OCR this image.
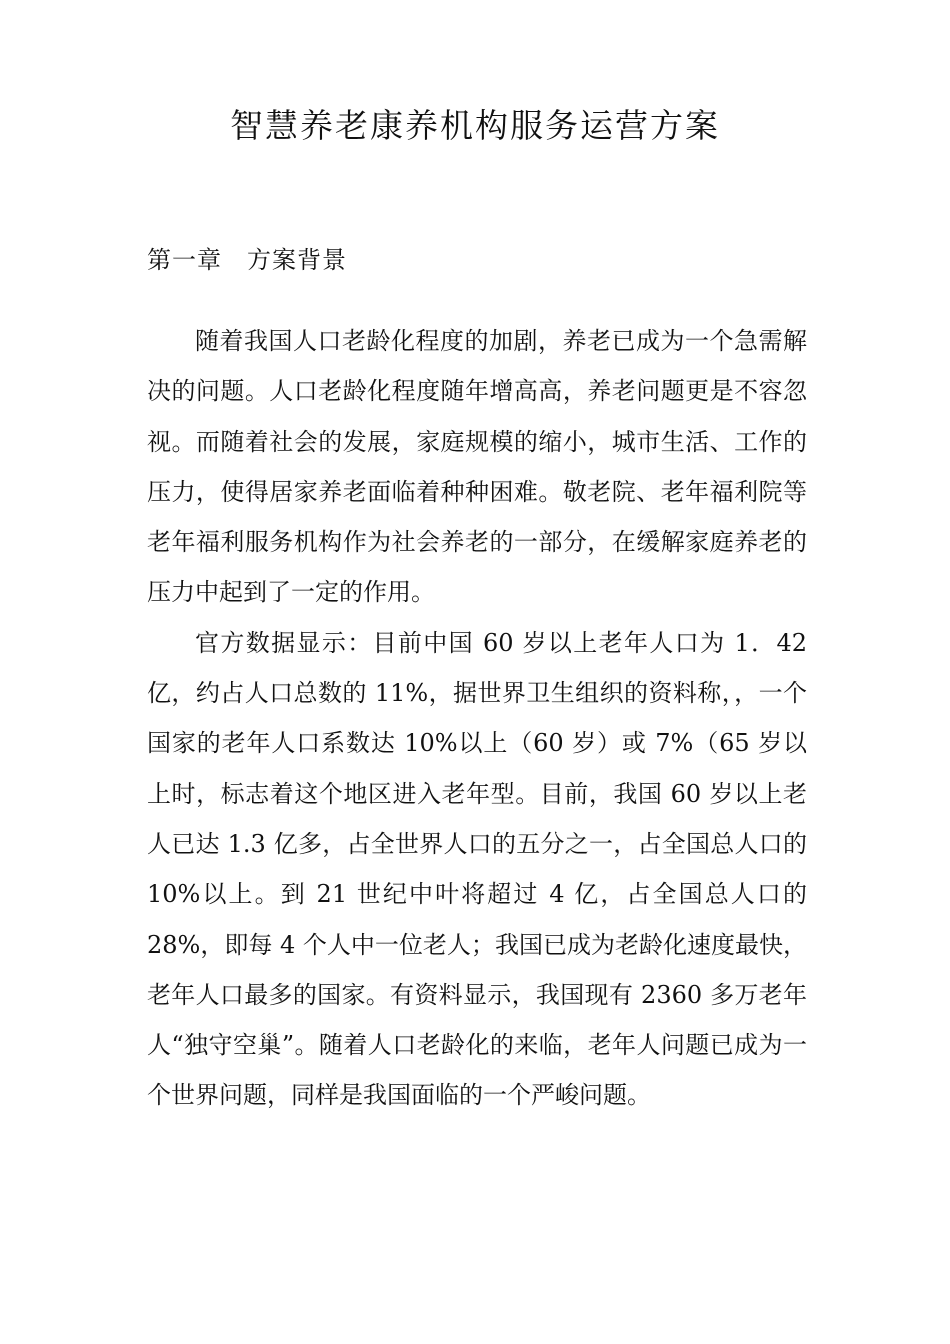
智慧养老康养机构服务运营方案
第一章　方案背景

随着我国人口老龄化程度的加剧，养老已成为一个急需解决的问题。人口老龄化程度随年增高高，养老问题更是不容忽视。而随着社会的发展，家庭规模的缩小，城市生活、工作的压力，使得居家养老面临着种种困难。敬老院、老年福利院等老年福利服务机构作为社会养老的一部分，在缓解家庭养老的压力中起到了一定的作用。

官方数据显示：目前中国 60 岁以上老年人口为 1．42 亿，约占人口总数的 11%，据世界卫生组织的资料称，，一个国家的老年人口系数达 10%以上（60 岁）或 7%（65 岁以上时，标志着这个地区进入老年型。目前，我国 60 岁以上老人已达 1.3 亿多，占全世界人口的五分之一，占全国总人口的 10%以上。到 21 世纪中叶将超过 4 亿，占全国总人口的 28%，即每 4 个人中一位老人；我国已成为老龄化速度最快，老年人口最多的国家。有资料显示，我国现有 2360 多万老年人“独守空巢”。随着人口老龄化的来临，老年人问题已成为一个世界问题，同样是我国面临的一个严峻问题。
